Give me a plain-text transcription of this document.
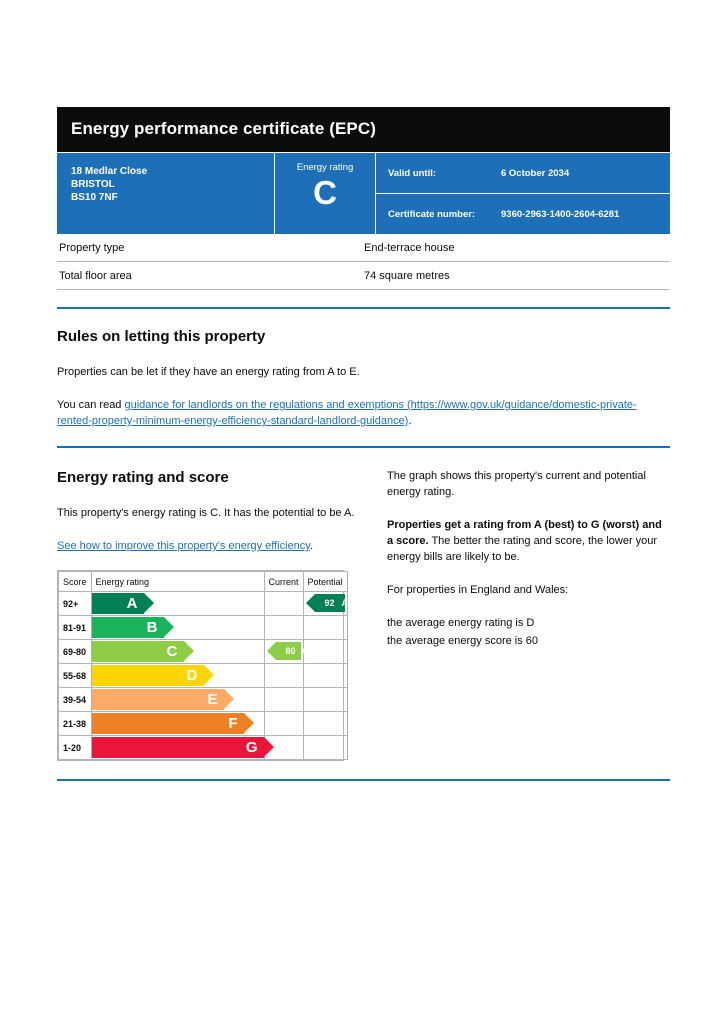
Energy performance certificate (EPC)
18 Medlar Close
BRISTOL
BS10 7NF
Energy rating
C
Valid until:	6 October 2034
Certificate number:	9360-2963-1400-2604-6281
Property type	End-terrace house
Total floor area	74 square metres
Rules on letting this property

Properties can be let if they have an energy rating from A to E.

You can read guidance for landlords on the regulations and exemptions (https://www.gov.uk/guidance/domestic-private-rented-property-minimum-energy-efficiency-standard-landlord-guidance).

Energy rating and score

This property's energy rating is C. It has the potential to be A.

See how to improve this property's energy efficiency.

Score	Energy rating	Current	Potential
92+	A		92 A

81-91	B		

69-80	C	80 C	

55-68	D		

39-54	E		

21-38	F		

1-20	G		

The graph shows this property's current and potential energy rating.

Properties get a rating from A (best) to G (worst) and a score. The better the rating and score, the lower your energy bills are likely to be.

For properties in England and Wales:

the average energy rating is D

the average energy score is 60
